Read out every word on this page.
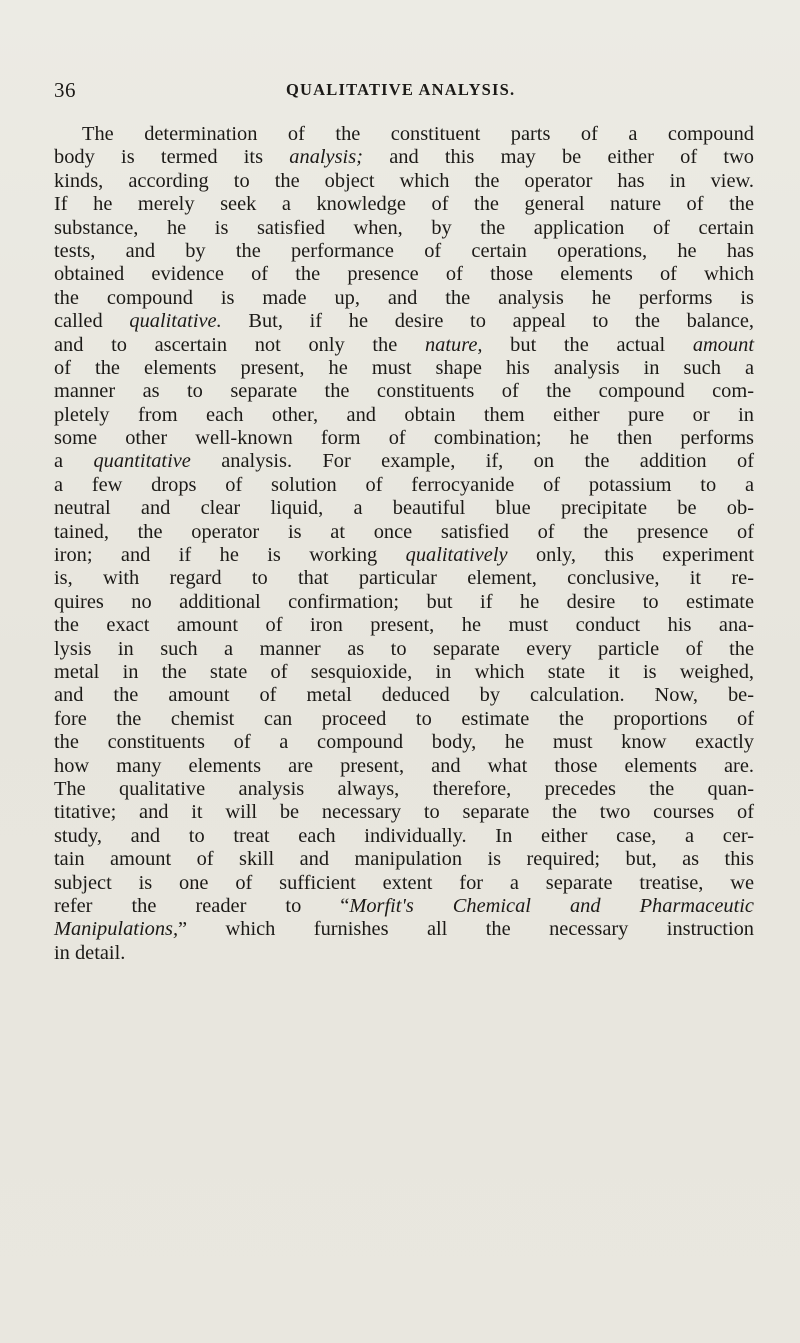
36	QUALITATIVE ANALYSIS.
The determination of the constituent parts of a compound
body is termed its analysis; and this may be either of two
kinds, according to the object which the operator has in view.
If he merely seek a knowledge of the general nature of the
substance, he is satisfied when, by the application of certain
tests, and by the performance of certain operations, he has
obtained evidence of the presence of those elements of which
the compound is made up, and the analysis he performs is
called qualitative. But, if he desire to appeal to the balance,
and to ascertain not only the nature, but the actual amount
of the elements present, he must shape his analysis in such a
manner as to separate the constituents of the compound com-
pletely from each other, and obtain them either pure or in
some other well-known form of combination; he then performs
a quantitative analysis. For example, if, on the addition of
a few drops of solution of ferrocyanide of potassium to a
neutral and clear liquid, a beautiful blue precipitate be ob-
tained, the operator is at once satisfied of the presence of
iron; and if he is working qualitatively only, this experiment
is, with regard to that particular element, conclusive, it re-
quires no additional confirmation; but if he desire to estimate
the exact amount of iron present, he must conduct his ana-
lysis in such a manner as to separate every particle of the
metal in the state of sesquioxide, in which state it is weighed,
and the amount of metal deduced by calculation. Now, be-
fore the chemist can proceed to estimate the proportions of
the constituents of a compound body, he must know exactly
how many elements are present, and what those elements are.
The qualitative analysis always, therefore, precedes the quan-
titative; and it will be necessary to separate the two courses of
study, and to treat each individually. In either case, a cer-
tain amount of skill and manipulation is required; but, as this
subject is one of sufficient extent for a separate treatise, we
refer the reader to “Morfit's Chemical and Pharmaceutic
Manipulations,” which furnishes all the necessary instruction
in detail.
